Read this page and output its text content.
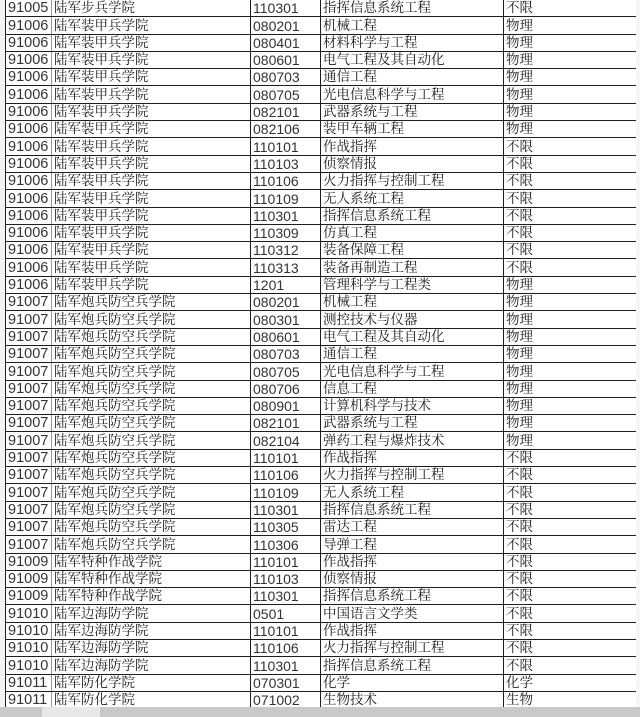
91005	陆军步兵学院	110301	指挥信息系统工程	不限
91006	陆军装甲兵学院	080201	机械工程	物理
91006	陆军装甲兵学院	080401	材料科学与工程	物理
91006	陆军装甲兵学院	080601	电气工程及其自动化	物理
91006	陆军装甲兵学院	080703	通信工程	物理
91006	陆军装甲兵学院	080705	光电信息科学与工程	物理
91006	陆军装甲兵学院	082101	武器系统与工程	物理
91006	陆军装甲兵学院	082106	装甲车辆工程	物理
91006	陆军装甲兵学院	110101	作战指挥	不限
91006	陆军装甲兵学院	110103	侦察情报	不限
91006	陆军装甲兵学院	110106	火力指挥与控制工程	不限
91006	陆军装甲兵学院	110109	无人系统工程	不限
91006	陆军装甲兵学院	110301	指挥信息系统工程	不限
91006	陆军装甲兵学院	110309	仿真工程	不限
91006	陆军装甲兵学院	110312	装备保障工程	不限
91006	陆军装甲兵学院	110313	装备再制造工程	不限
91006	陆军装甲兵学院	1201	管理科学与工程类	物理
91007	陆军炮兵防空兵学院	080201	机械工程	物理
91007	陆军炮兵防空兵学院	080301	测控技术与仪器	物理
91007	陆军炮兵防空兵学院	080601	电气工程及其自动化	物理
91007	陆军炮兵防空兵学院	080703	通信工程	物理
91007	陆军炮兵防空兵学院	080705	光电信息科学与工程	物理
91007	陆军炮兵防空兵学院	080706	信息工程	物理
91007	陆军炮兵防空兵学院	080901	计算机科学与技术	物理
91007	陆军炮兵防空兵学院	082101	武器系统与工程	物理
91007	陆军炮兵防空兵学院	082104	弹药工程与爆炸技术	物理
91007	陆军炮兵防空兵学院	110101	作战指挥	不限
91007	陆军炮兵防空兵学院	110106	火力指挥与控制工程	不限
91007	陆军炮兵防空兵学院	110109	无人系统工程	不限
91007	陆军炮兵防空兵学院	110301	指挥信息系统工程	不限
91007	陆军炮兵防空兵学院	110305	雷达工程	不限
91007	陆军炮兵防空兵学院	110306	导弹工程	不限
91009	陆军特种作战学院	110101	作战指挥	不限
91009	陆军特种作战学院	110103	侦察情报	不限
91009	陆军特种作战学院	110301	指挥信息系统工程	不限
91010	陆军边海防学院	0501	中国语言文学类	不限
91010	陆军边海防学院	110101	作战指挥	不限
91010	陆军边海防学院	110106	火力指挥与控制工程	不限
91010	陆军边海防学院	110301	指挥信息系统工程	不限
91011	陆军防化学院	070301	化学	化学
91011	陆军防化学院	071002	生物技术	生物
